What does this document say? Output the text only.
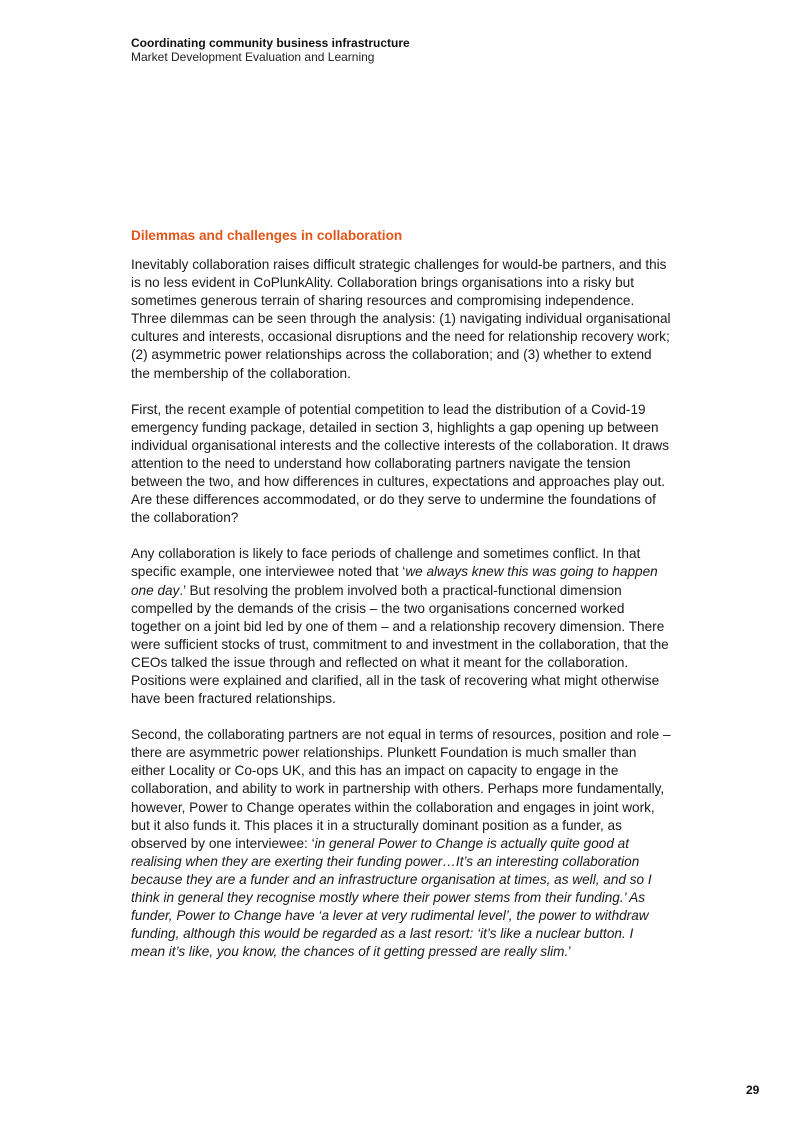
Coordinating community business infrastructure
Market Development Evaluation and Learning
Dilemmas and challenges in collaboration

Inevitably collaboration raises difficult strategic challenges for would-be partners, and this is no less evident in CoPlunkAlity. Collaboration brings organisations into a risky but sometimes generous terrain of sharing resources and compromising independence. Three dilemmas can be seen through the analysis: (1) navigating individual organisational cultures and interests, occasional disruptions and the need for relationship recovery work; (2) asymmetric power relationships across the collaboration; and (3) whether to extend the membership of the collaboration.

First, the recent example of potential competition to lead the distribution of a Covid-19 emergency funding package, detailed in section 3, highlights a gap opening up between individual organisational interests and the collective interests of the collaboration. It draws attention to the need to understand how collaborating partners navigate the tension between the two, and how differences in cultures, expectations and approaches play out. Are these differences accommodated, or do they serve to undermine the foundations of the collaboration?

Any collaboration is likely to face periods of challenge and sometimes conflict. In that specific example, one interviewee noted that ‘we always knew this was going to happen one day.’ But resolving the problem involved both a practical-functional dimension compelled by the demands of the crisis – the two organisations concerned worked together on a joint bid led by one of them – and a relationship recovery dimension. There were sufficient stocks of trust, commitment to and investment in the collaboration, that the CEOs talked the issue through and reflected on what it meant for the collaboration. Positions were explained and clarified, all in the task of recovering what might otherwise have been fractured relationships.

Second, the collaborating partners are not equal in terms of resources, position and role – there are asymmetric power relationships. Plunkett Foundation is much smaller than either Locality or Co-ops UK, and this has an impact on capacity to engage in the collaboration, and ability to work in partnership with others. Perhaps more fundamentally, however, Power to Change operates within the collaboration and engages in joint work, but it also funds it. This places it in a structurally dominant position as a funder, as observed by one interviewee: ‘in general Power to Change is actually quite good at realising when they are exerting their funding power…It’s an interesting collaboration because they are a funder and an infrastructure organisation at times, as well, and so I think in general they recognise mostly where their power stems from their funding.’ As funder, Power to Change have ‘a lever at very rudimental level’, the power to withdraw funding, although this would be regarded as a last resort: ‘it’s like a nuclear button. I mean it’s like, you know, the chances of it getting pressed are really slim.’

29
